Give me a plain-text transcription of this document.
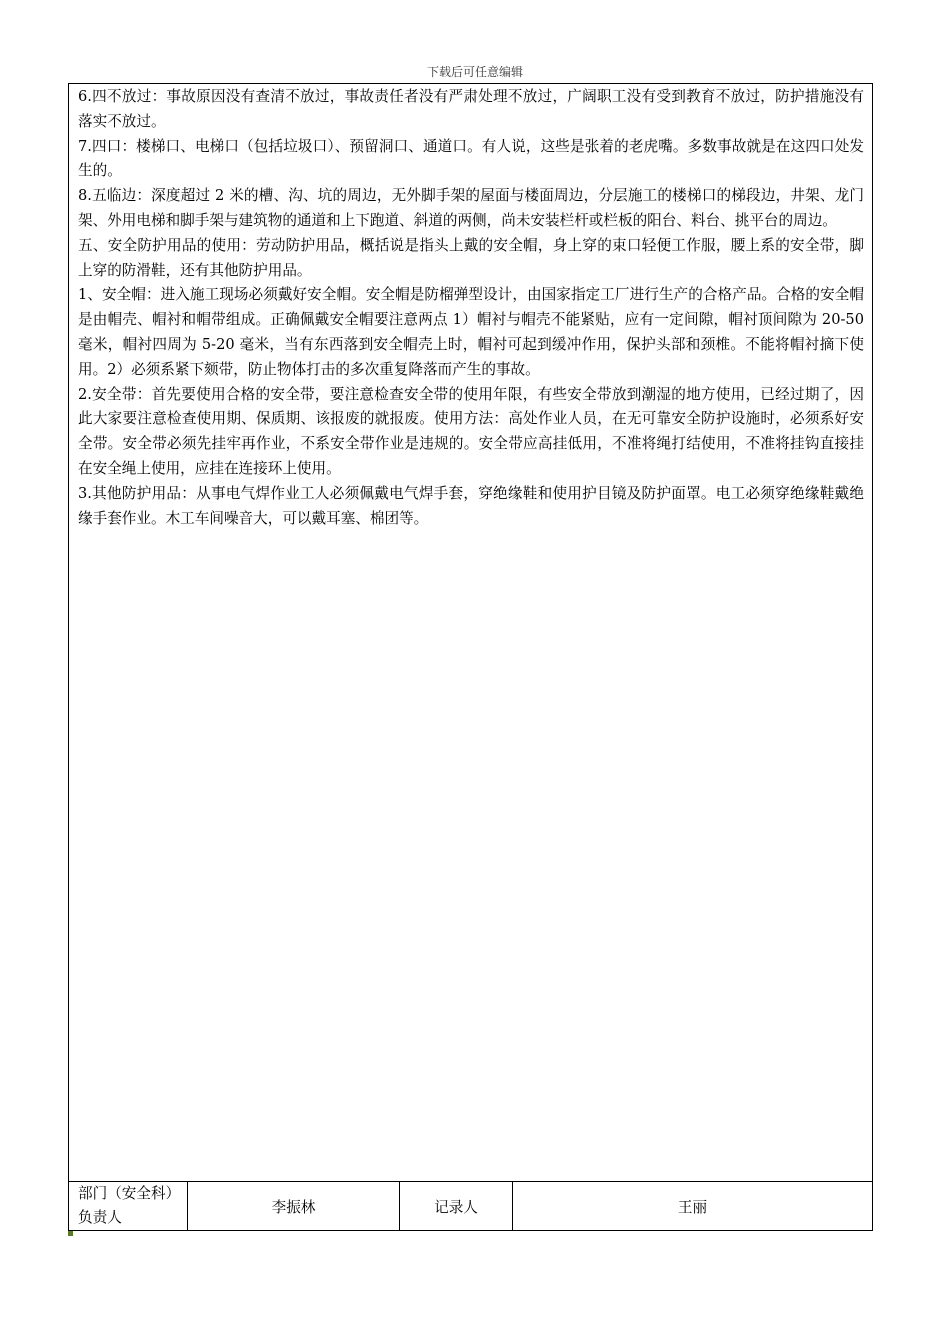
下载后可任意编辑

6.四不放过：事故原因没有查清不放过，事故责任者没有严肃处理不放过，广阔职工没有受到教育不放过，防护措施没有落实不放过。

7.四口：楼梯口、电梯口（包括垃圾口）、预留洞口、通道口。有人说，这些是张着的老虎嘴。多数事故就是在这四口处发生的。

8.五临边：深度超过 2 米的槽、沟、坑的周边，无外脚手架的屋面与楼面周边，分层施工的楼梯口的梯段边，井架、龙门架、外用电梯和脚手架与建筑物的通道和上下跑道、斜道的两侧，尚未安装栏杆或栏板的阳台、料台、挑平台的周边。

五、安全防护用品的使用：劳动防护用品，概括说是指头上戴的安全帽，身上穿的束口轻便工作服，腰上系的安全带，脚上穿的防滑鞋，还有其他防护用品。

1、安全帽：进入施工现场必须戴好安全帽。安全帽是防榴弹型设计，由国家指定工厂进行生产的合格产品。合格的安全帽是由帽壳、帽衬和帽带组成。正确佩戴安全帽要注意两点 1）帽衬与帽壳不能紧贴，应有一定间隙，帽衬顶间隙为 20-50 毫米，帽衬四周为 5-20 毫米，当有东西落到安全帽壳上时，帽衬可起到缓冲作用，保护头部和颈椎。不能将帽衬摘下使用。2）必须系紧下颏带，防止物体打击的多次重复降落而产生的事故。

2.安全带：首先要使用合格的安全带，要注意检查安全带的使用年限，有些安全带放到潮湿的地方使用，已经过期了，因此大家要注意检查使用期、保质期、该报废的就报废。使用方法：高处作业人员，在无可靠安全防护设施时，必须系好安全带。安全带必须先挂牢再作业，不系安全带作业是违规的。安全带应高挂低用，不准将绳打结使用，不准将挂钩直接挂在安全绳上使用，应挂在连接环上使用。

3.其他防护用品：从事电气焊作业工人必须佩戴电气焊手套，穿绝缘鞋和使用护目镜及防护面罩。电工必须穿绝缘鞋戴绝缘手套作业。木工车间噪音大，可以戴耳塞、棉团等。

部门（安全科）负责人
李振林	记录人	王丽
